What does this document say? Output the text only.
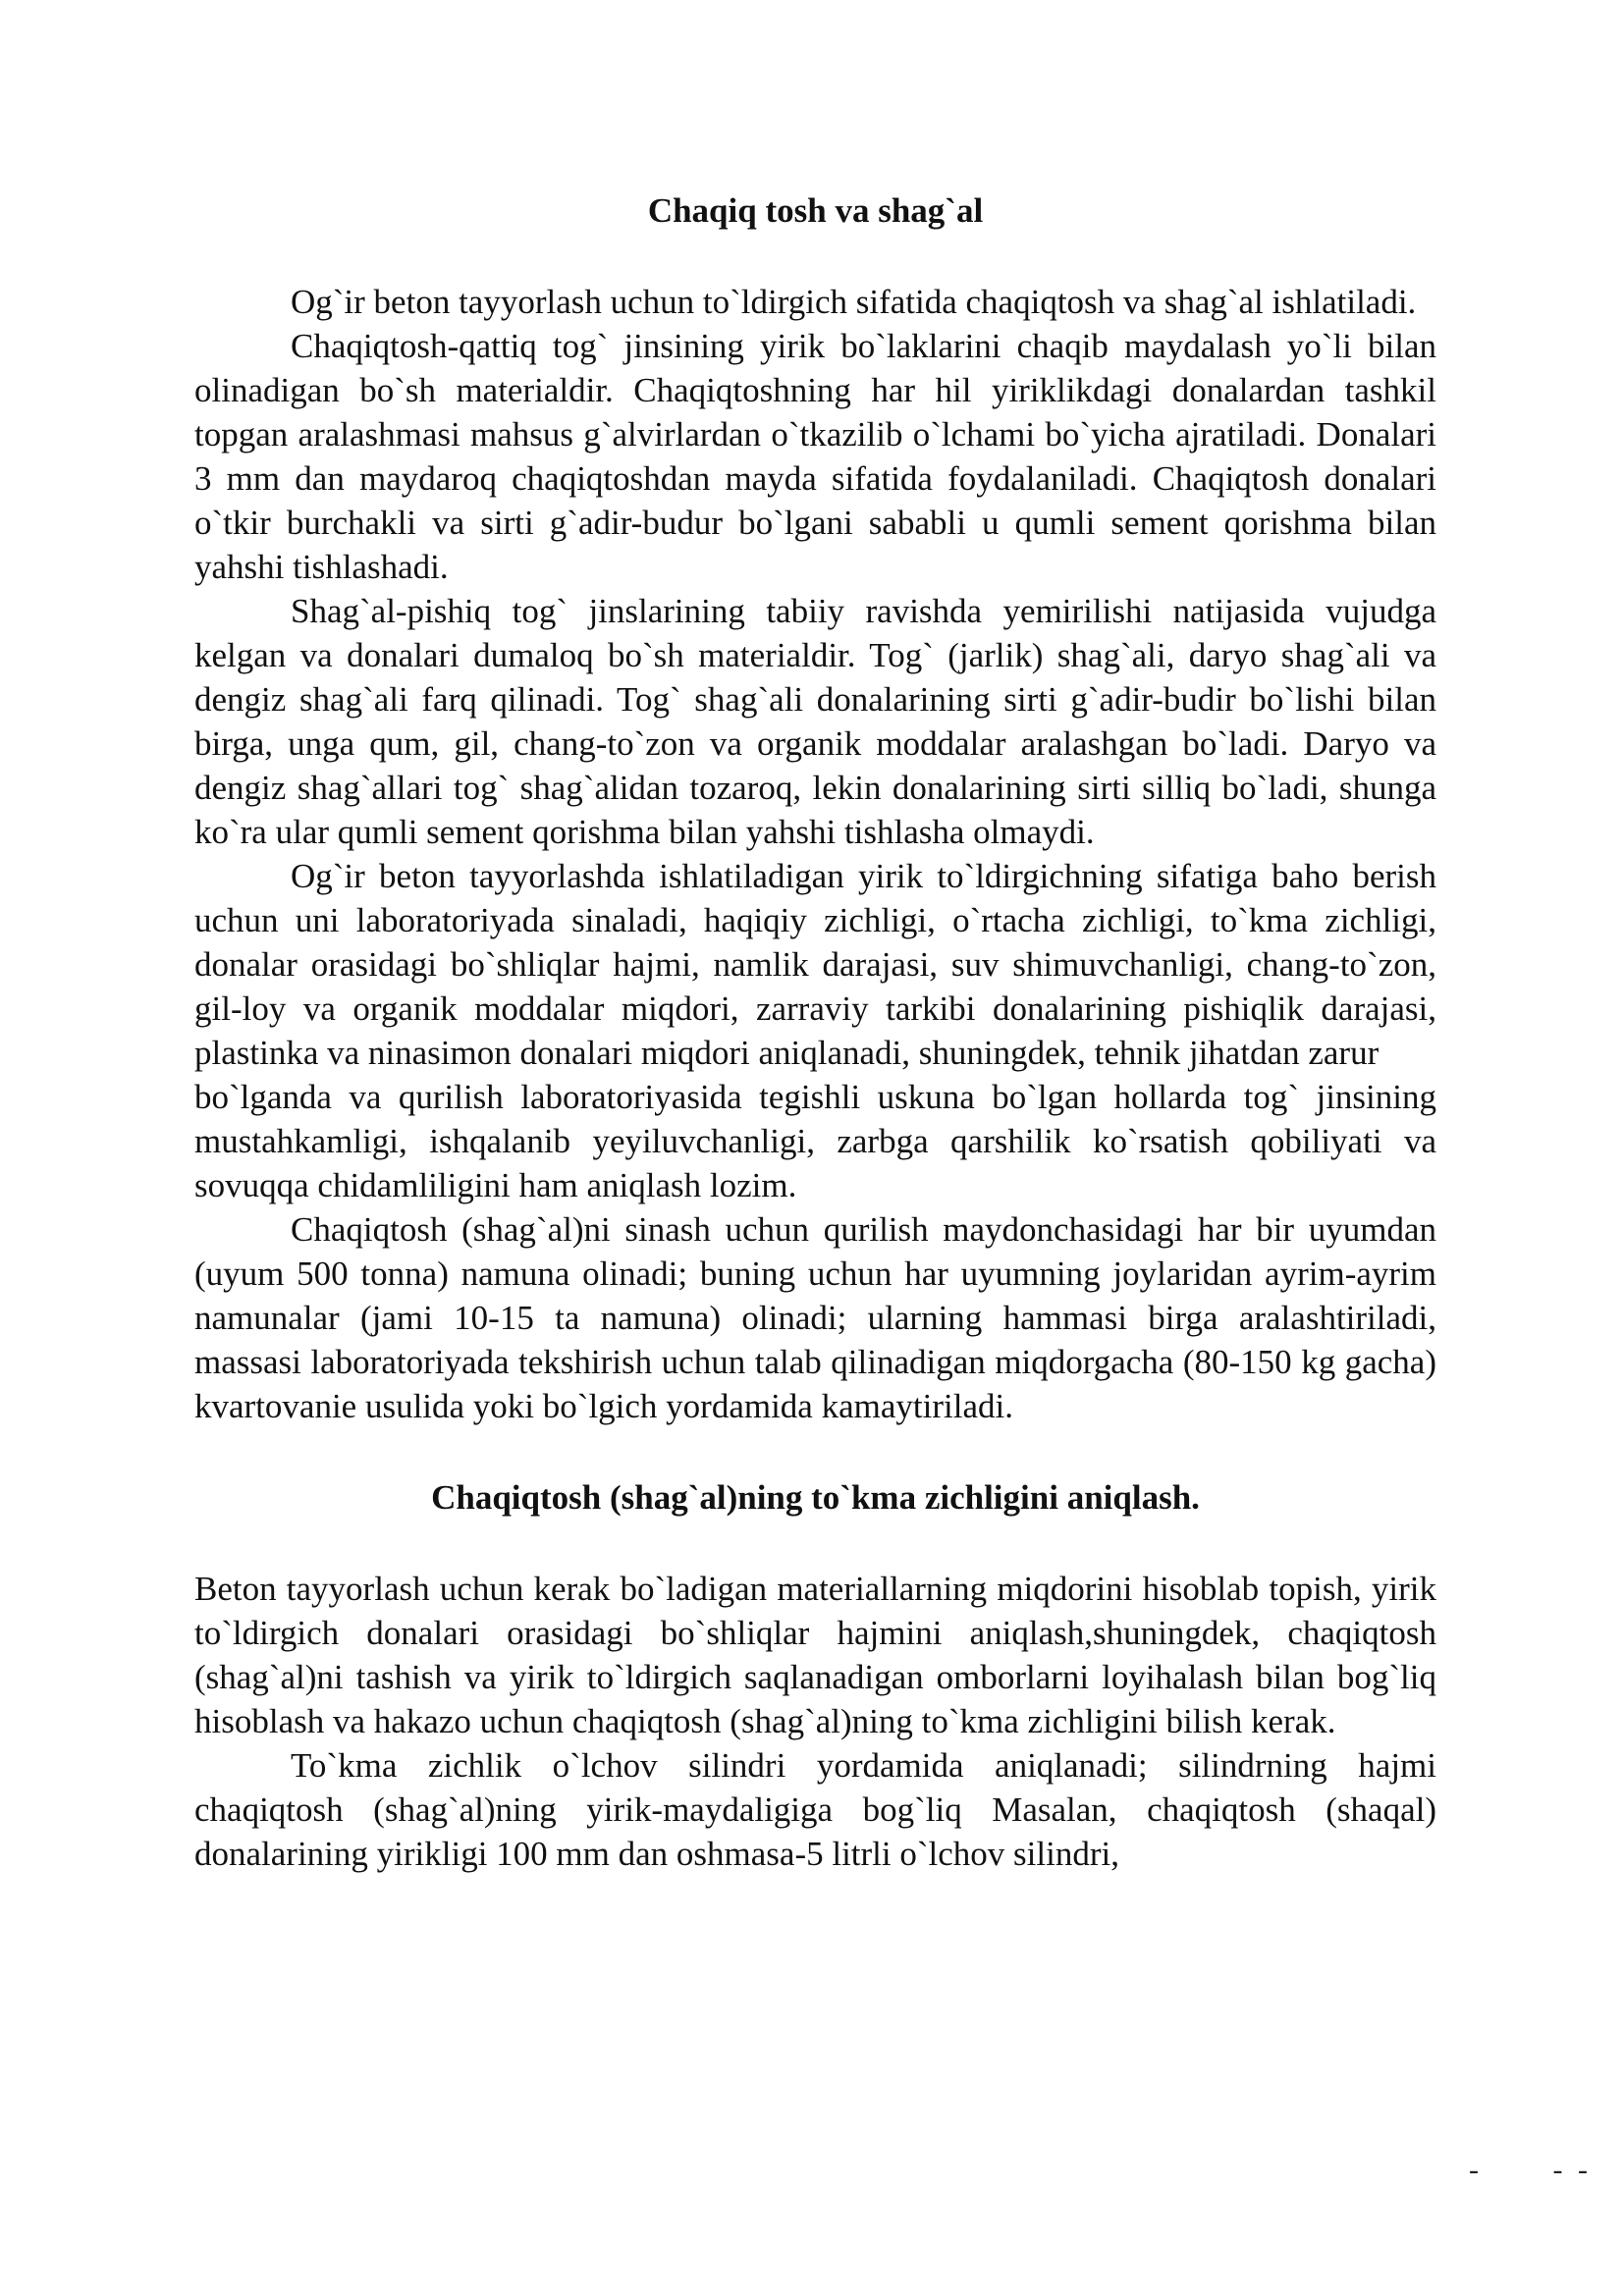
Chaqiq tosh va shag`al

Og`ir beton tayyorlash uchun to`ldirgich sifatida chaqiqtosh va shag`al ishlatiladi.

Chaqiqtosh-qattiq tog` jinsining yirik bo`laklarini chaqib maydalash yo`li bilan olinadigan bo`sh materialdir. Chaqiqtoshning har hil yiriklikdagi donalardan tashkil topgan aralashmasi mahsus g`alvirlardan o`tkazilib o`lchami bo`yicha ajratiladi. Donalari 3 mm dan maydaroq chaqiqtoshdan mayda sifatida foydalaniladi. Chaqiqtosh donalari o`tkir burchakli va sirti g`adir-budur bo`lgani sababli u qumli sement qorishma bilan yahshi tishlashadi.

Shag`al-pishiq tog` jinslarining tabiiy ravishda yemirilishi natijasida vujudga kelgan va donalari dumaloq bo`sh materialdir. Tog` (jarlik) shag`ali, daryo shag`ali va dengiz shag`ali farq qilinadi. Tog` shag`ali donalarining sirti g`adir-budir bo`lishi bilan birga, unga qum, gil, chang-to`zon va organik moddalar aralashgan bo`ladi. Daryo va dengiz shag`allari tog` shag`alidan tozaroq, lekin donalarining sirti silliq bo`ladi, shunga ko`ra ular qumli sement qorishma bilan yahshi tishlasha olmaydi.

Og`ir beton tayyorlashda ishlatiladigan yirik to`ldirgichning sifatiga baho berish uchun uni laboratoriyada sinaladi, haqiqiy zichligi, o`rtacha zichligi, to`kma zichligi, donalar orasidagi bo`shliqlar hajmi, namlik darajasi, suv shimuvchanligi, chang-to`zon, gil-loy va organik moddalar miqdori, zarraviy tarkibi donalarining pishiqlik darajasi, plastinka va ninasimon donalari miqdori aniqlanadi, shuningdek, tehnik jihatdan zarur

bo`lganda va qurilish laboratoriyasida tegishli uskuna bo`lgan hollarda tog` jinsining mustahkamligi, ishqalanib yeyiluvchanligi, zarbga qarshilik ko`rsatish qobiliyati va sovuqqa chidamliligini ham aniqlash lozim.

Chaqiqtosh (shag`al)ni sinash uchun qurilish maydonchasidagi har bir uyumdan (uyum 500 tonna) namuna olinadi; buning uchun har uyumning joylaridan ayrim-ayrim namunalar (jami 10-15 ta namuna) olinadi; ularning hammasi birga aralashtiriladi, massasi laboratoriyada tekshirish uchun talab qilinadigan miqdorgacha (80-150 kg gacha) kvartovanie usulida yoki bo`lgich yordamida kamaytiriladi.

Chaqiqtosh (shag`al)ning to`kma zichligini aniqlash.

Beton tayyorlash uchun kerak bo`ladigan materiallarning miqdorini hisoblab topish, yirik to`ldirgich donalari orasidagi bo`shliqlar hajmini aniqlash,shuningdek, chaqiqtosh (shag`al)ni tashish va yirik to`ldirgich saqlanadigan omborlarni loyihalash bilan bog`liq hisoblash va hakazo uchun chaqiqtosh (shag`al)ning to`kma zichligini bilish kerak.

To`kma zichlik o`lchov silindri yordamida aniqlanadi; silindrning hajmi chaqiqtosh (shag`al)ning yirik-maydaligiga bog`liq Masalan, chaqiqtosh (shaqal) donalarining yirikligi 100 mm dan oshmasa-5 litrli o`lchov silindri,

- - -
